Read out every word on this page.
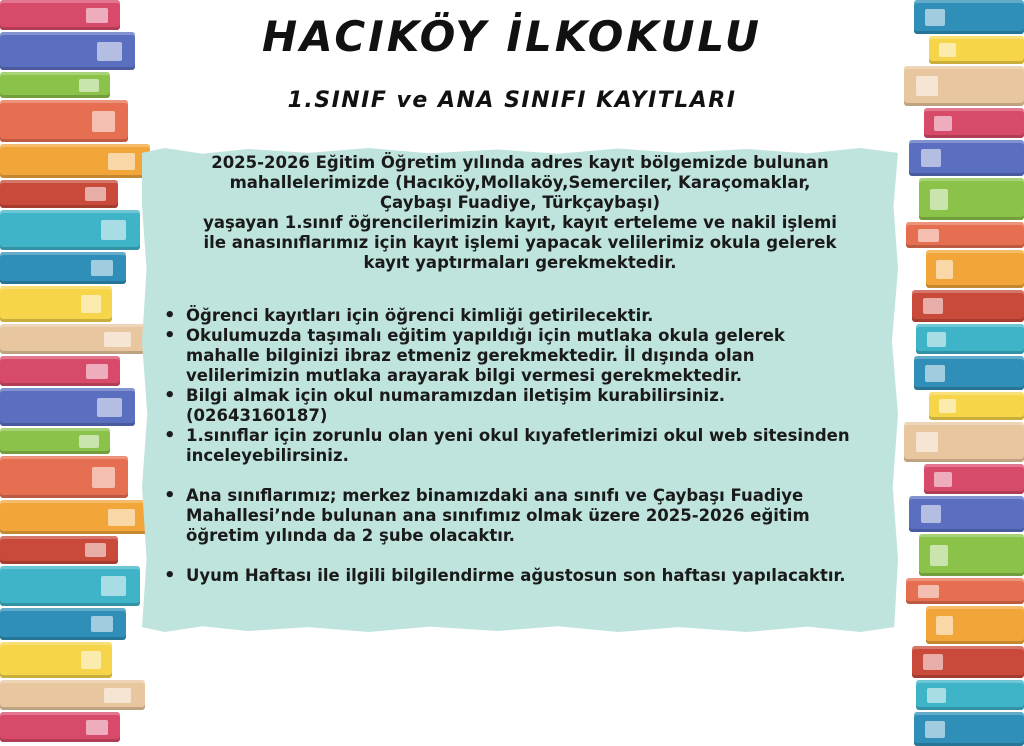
HACIKÖY İLKOKULU
1.SINIF ve ANA SINIFI KAYITLARI

2025-2026 Eğitim Öğretim yılında adres kayıt bölgemizde bulunan
mahallelerimizde (Hacıköy,Mollaköy,Semerciler, Karaçomaklar,
Çaybaşı Fuadiye, Türkçaybaşı)
yaşayan 1.sınıf öğrencilerimizin kayıt, kayıt erteleme ve nakil işlemi
ile anasınıflarımız için kayıt işlemi yapacak velilerimiz okula gelerek
kayıt yaptırmaları gerekmektedir.

• Öğrenci kayıtları için öğrenci kimliği getirilecektir.
• Okulumuzda taşımalı eğitim yapıldığı için mutlaka okula gelerek mahalle bilginizi ibraz etmeniz gerekmektedir. İl dışında olan velilerimizin mutlaka arayarak bilgi vermesi gerekmektedir.
• Bilgi almak için okul numaramızdan iletişim kurabilirsiniz. (02643160187)
• 1.sınıflar için zorunlu olan yeni okul kıyafetlerimizi okul web sitesinden inceleyebilirsiniz.
• Ana sınıflarımız; merkez binamızdaki ana sınıfı ve Çaybaşı Fuadiye Mahallesi’nde bulunan ana sınıfımız olmak üzere 2025-2026 eğitim öğretim yılında da 2 şube olacaktır.
• Uyum Haftası ile ilgili bilgilendirme ağustosun son haftası yapılacaktır.
